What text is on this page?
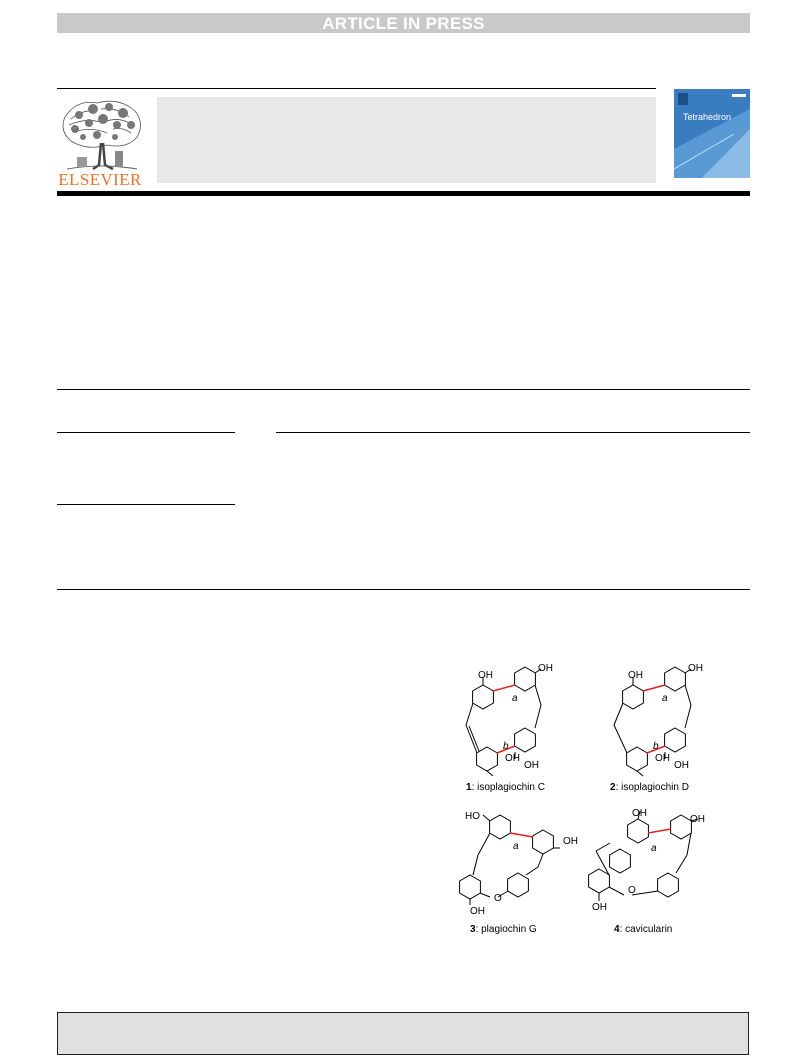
ARTICLE IN PRESS
ELSEVIER
Tetrahedron
OH
OH
OH
OH
a
b
1: isoplagiochin C
OH
OH
OH
OH
a
b
2: isoplagiochin D
HO
OH
O
OH
a
3: plagiochin G
OH
OH
O
OH
a
4: cavicularin
